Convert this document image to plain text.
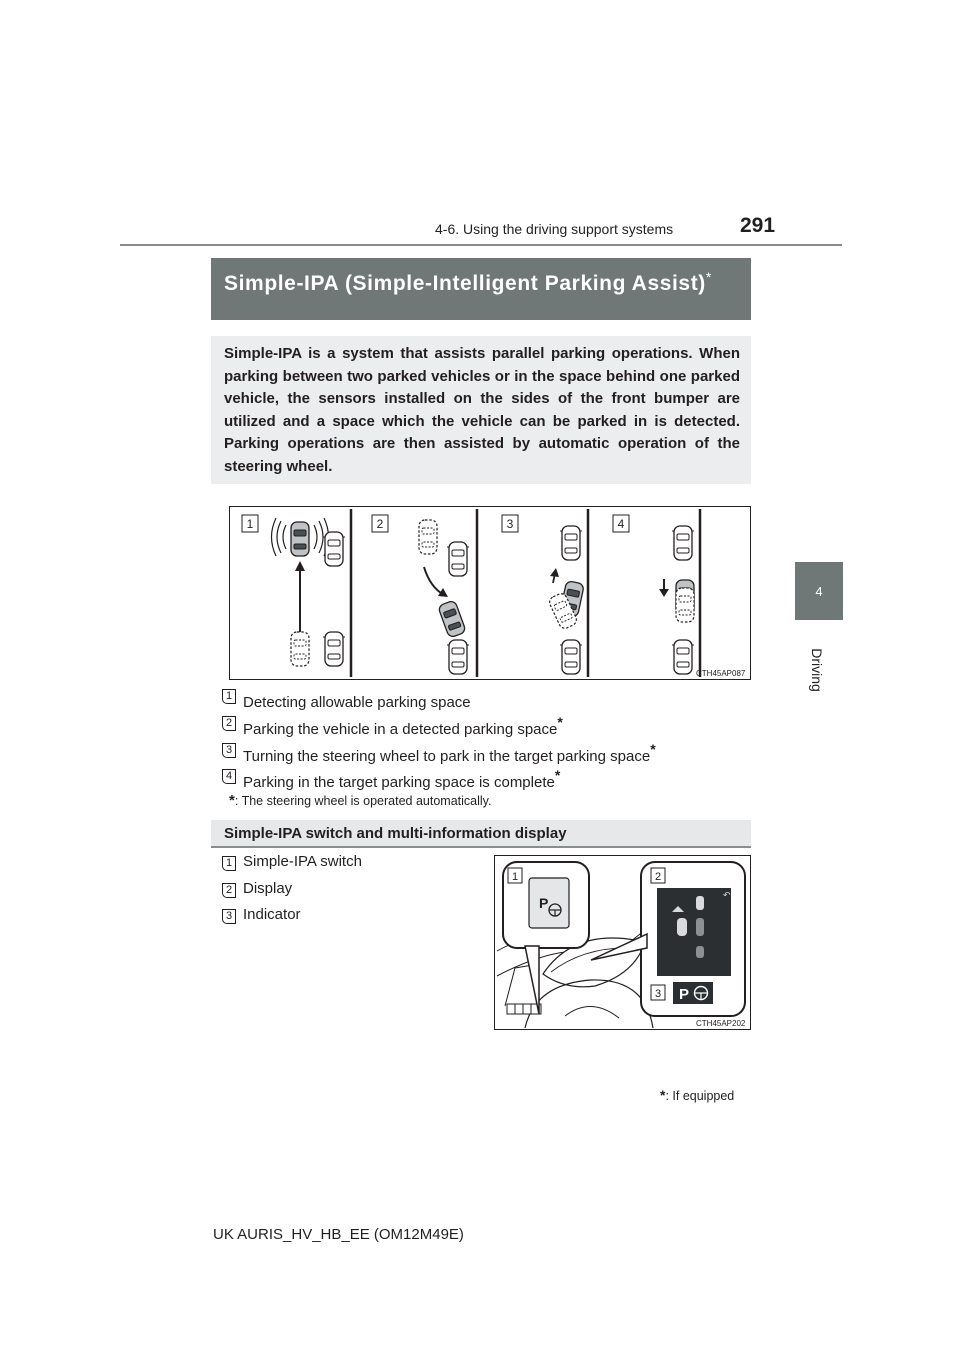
4-6. Using the driving support systems	291
4
Driving
Simple-IPA (Simple-Intelligent Parking Assist)*
Simple-IPA is a system that assists parallel parking operations. When parking between two parked vehicles or in the space behind one parked vehicle, the sensors installed on the sides of the front bumper are utilized and a space which the vehicle can be parked in is detected. Parking operations are then assisted by automatic operation of the steering wheel.
1	2	3	4
CTH45AP087
1 Detecting allowable parking space
2 Parking the vehicle in a detected parking space*
3 Turning the steering wheel to park in the target parking space*
4 Parking in the target parking space is complete*
*: The steering wheel is operated automatically.
Simple-IPA switch and multi-information display
1 Simple-IPA switch
2 Display
3 Indicator
P
1
↶
P
2
3
CTH45AP202
*: If equipped
UK AURIS_HV_HB_EE (OM12M49E)
